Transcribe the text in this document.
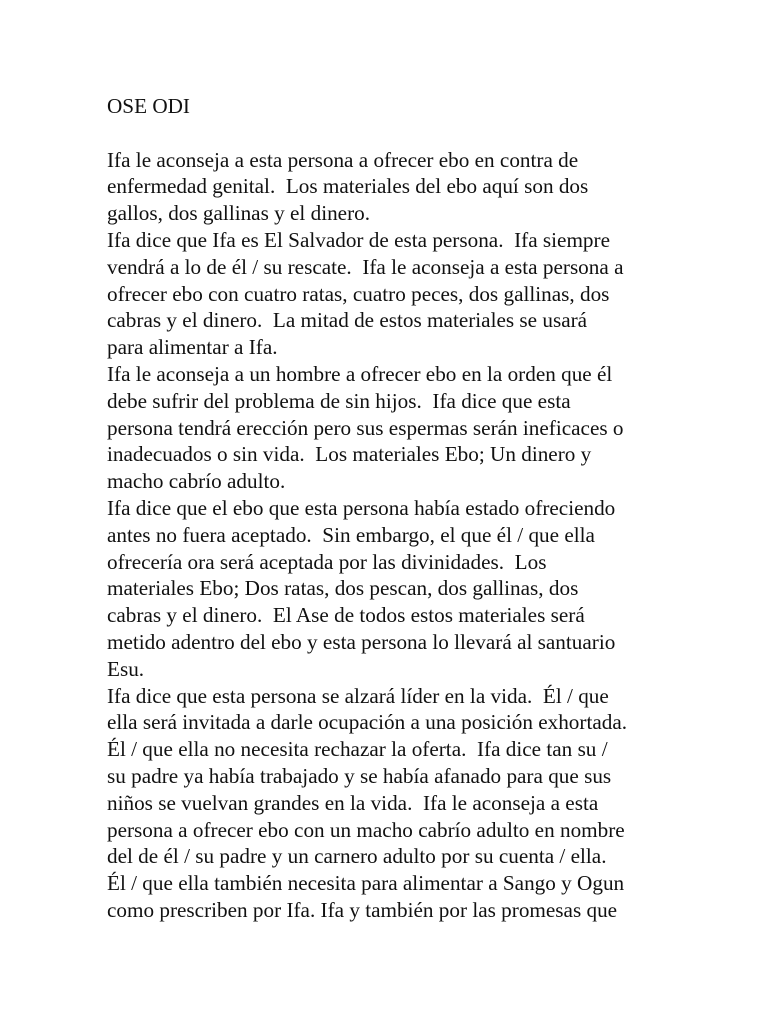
OSE ODI

Ifa le aconseja a esta persona a ofrecer ebo en contra de
enfermedad genital.  Los materiales del ebo aquí son dos
gallos, dos gallinas y el dinero.
Ifa dice que Ifa es El Salvador de esta persona.  Ifa siempre
vendrá a lo de él / su rescate.  Ifa le aconseja a esta persona a
ofrecer ebo con cuatro ratas, cuatro peces, dos gallinas, dos
cabras y el dinero.  La mitad de estos materiales se usará
para alimentar a Ifa.
Ifa le aconseja a un hombre a ofrecer ebo en la orden que él
debe sufrir del problema de sin hijos.  Ifa dice que esta
persona tendrá erección pero sus espermas serán ineficaces o
inadecuados o sin vida.  Los materiales Ebo; Un dinero y
macho cabrío adulto.
Ifa dice que el ebo que esta persona había estado ofreciendo
antes no fuera aceptado.  Sin embargo, el que él / que ella
ofrecería ora será aceptada por las divinidades.  Los
materiales Ebo; Dos ratas, dos pescan, dos gallinas, dos
cabras y el dinero.  El Ase de todos estos materiales será
metido adentro del ebo y esta persona lo llevará al santuario
Esu.
Ifa dice que esta persona se alzará líder en la vida.  Él / que
ella será invitada a darle ocupación a una posición exhortada.
Él / que ella no necesita rechazar la oferta.  Ifa dice tan su /
su padre ya había trabajado y se había afanado para que sus
niños se vuelvan grandes en la vida.  Ifa le aconseja a esta
persona a ofrecer ebo con un macho cabrío adulto en nombre
del de él / su padre y un carnero adulto por su cuenta / ella.
Él / que ella también necesita para alimentar a Sango y Ogun
como prescriben por Ifa. Ifa y también por las promesas que
